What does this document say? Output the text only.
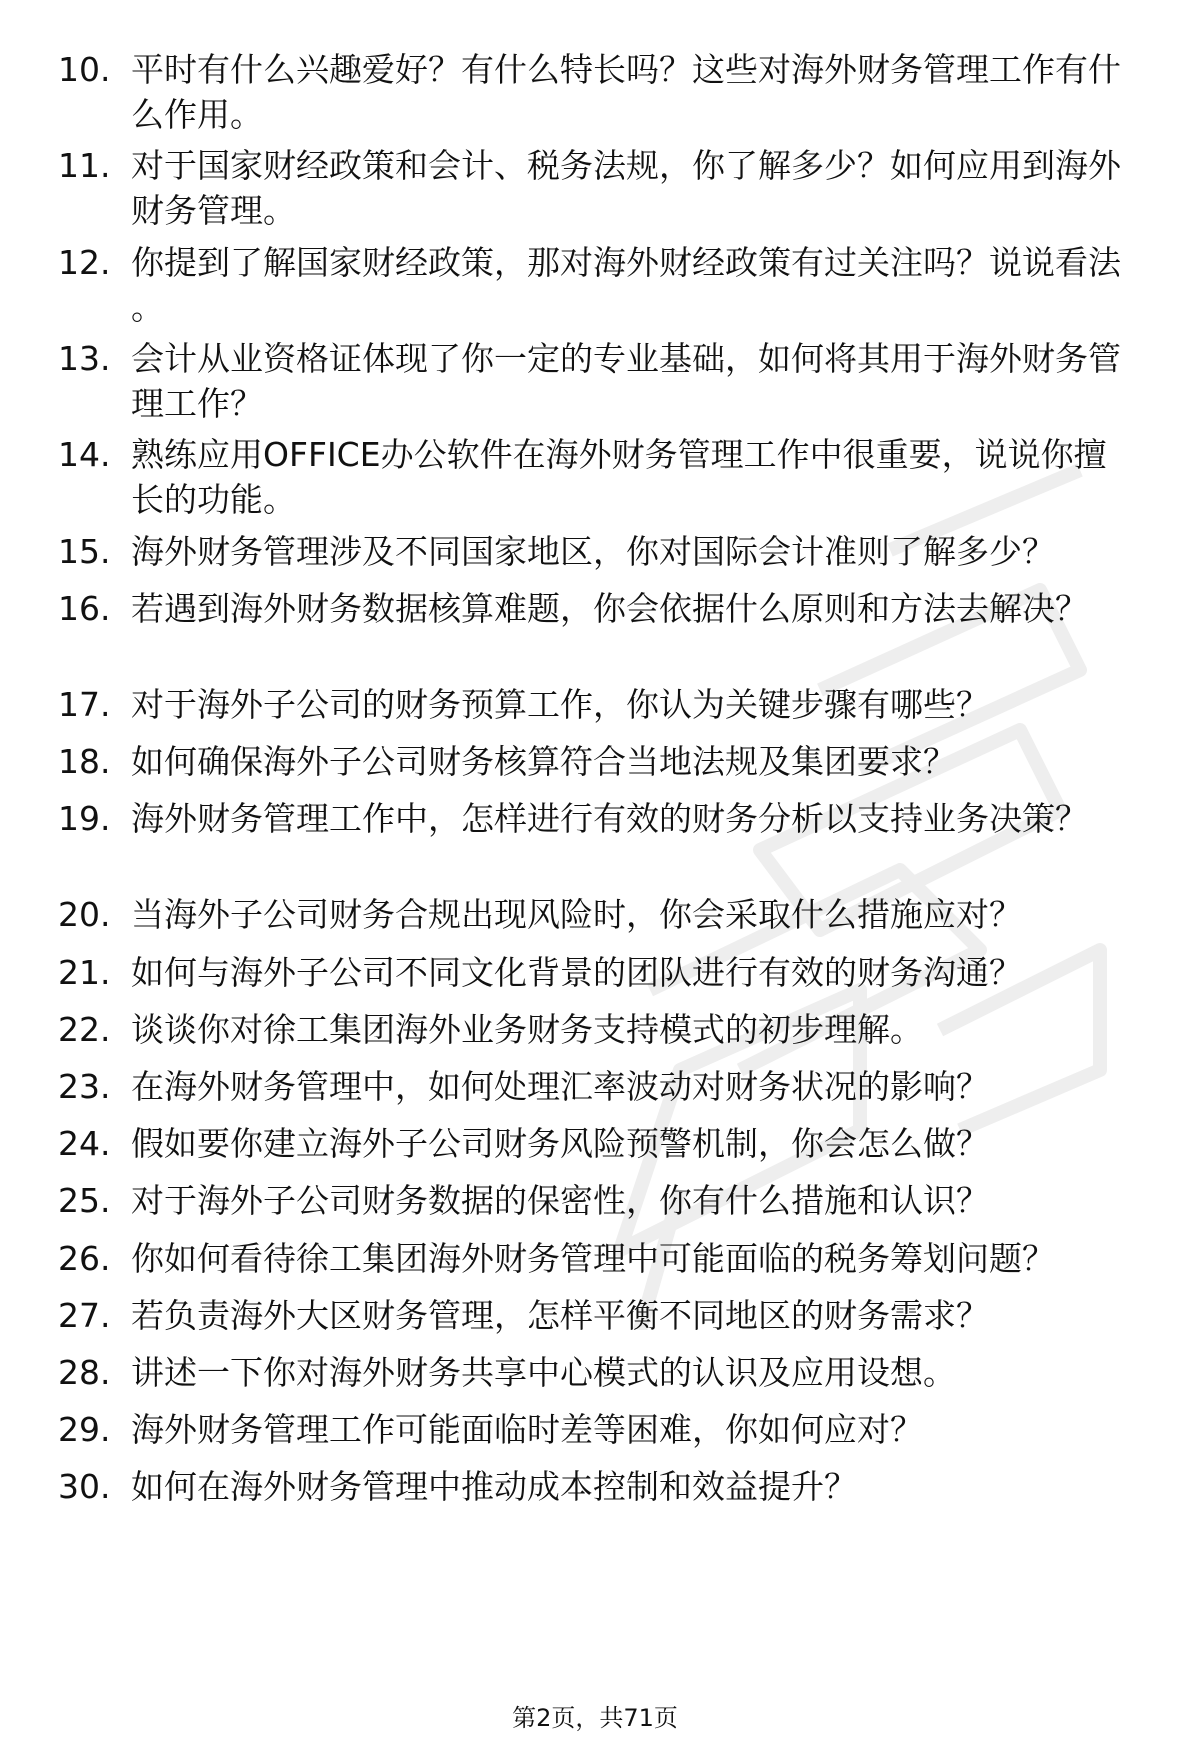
10. 平时有什么兴趣爱好？有什么特长吗？这些对海外财务管理工作有什么作用。
11. 对于国家财经政策和会计、税务法规，你了解多少？如何应用到海外财务管理。
12. 你提到了解国家财经政策，那对海外财经政策有过关注吗？说说看法。
13. 会计从业资格证体现了你一定的专业基础，如何将其用于海外财务管理工作？
14. 熟练应用OFFICE办公软件在海外财务管理工作中很重要，说说你擅长的功能。
15. 海外财务管理涉及不同国家地区，你对国际会计准则了解多少？
16. 若遇到海外财务数据核算难题，你会依据什么原则和方法去解决？
17. 对于海外子公司的财务预算工作，你认为关键步骤有哪些？
18. 如何确保海外子公司财务核算符合当地法规及集团要求？
19. 海外财务管理工作中，怎样进行有效的财务分析以支持业务决策？
20. 当海外子公司财务合规出现风险时，你会采取什么措施应对？
21. 如何与海外子公司不同文化背景的团队进行有效的财务沟通？
22. 谈谈你对徐工集团海外业务财务支持模式的初步理解。
23. 在海外财务管理中，如何处理汇率波动对财务状况的影响？
24. 假如要你建立海外子公司财务风险预警机制，你会怎么做？
25. 对于海外子公司财务数据的保密性，你有什么措施和认识？
26. 你如何看待徐工集团海外财务管理中可能面临的税务筹划问题？
27. 若负责海外大区财务管理，怎样平衡不同地区的财务需求？
28. 讲述一下你对海外财务共享中心模式的认识及应用设想。
29. 海外财务管理工作可能面临时差等困难，你如何应对？
30. 如何在海外财务管理中推动成本控制和效益提升？
第2页，共71页
